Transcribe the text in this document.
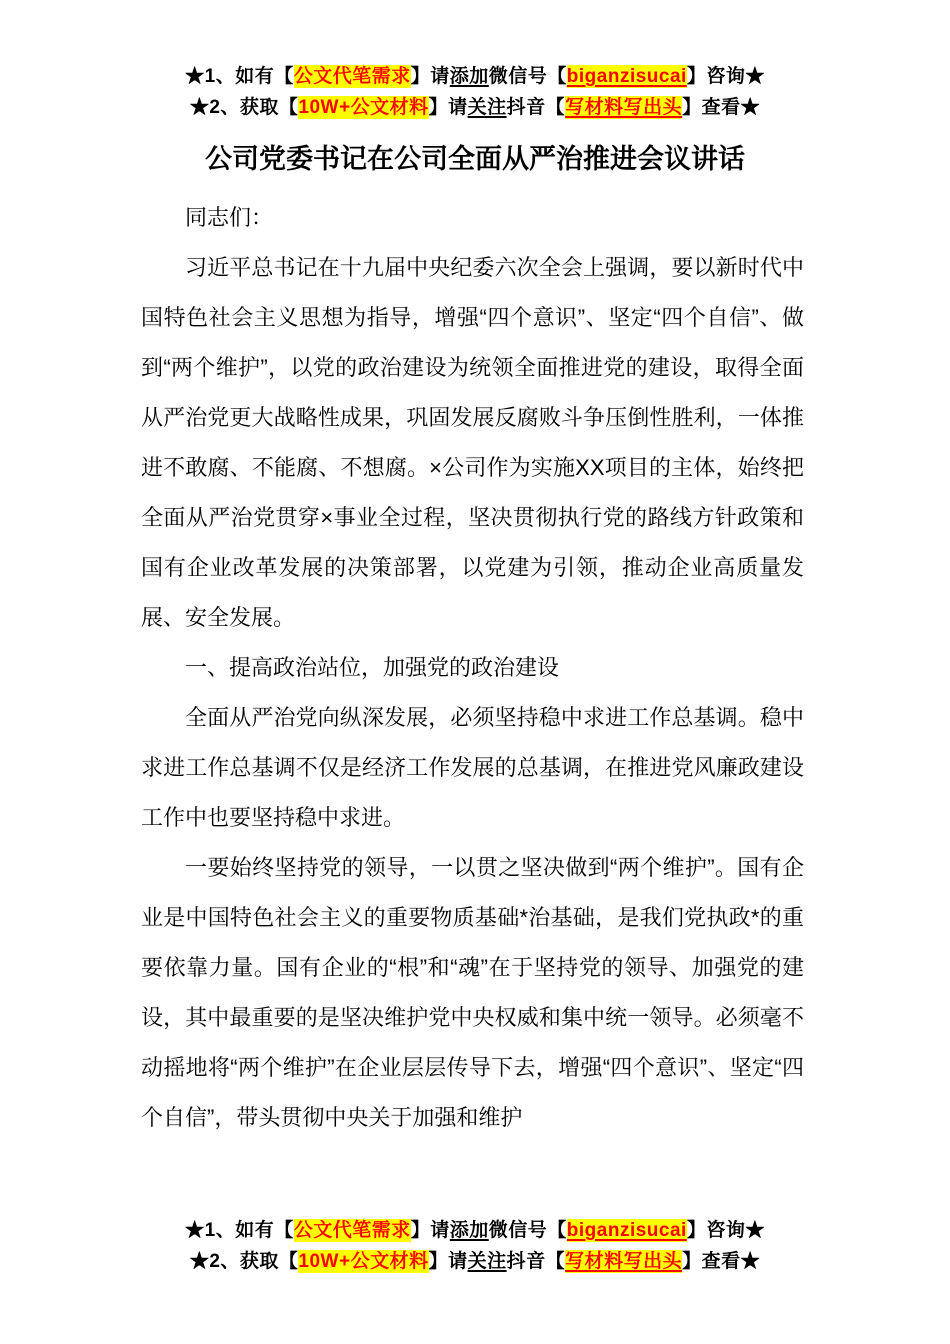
★1、如有【公文代笔需求】请添加微信号【biganzisucai】咨询★
★2、获取【10W+公文材料】请关注抖音【写材料写出头】查看★
公司党委书记在公司全面从严治推进会议讲话

同志们：

习近平总书记在十九届中央纪委六次全会上强调，要以新时代中国特色社会主义思想为指导，增强“四个意识”、坚定“四个自信”、做到“两个维护”，以党的政治建设为统领全面推进党的建设，取得全面从严治党更大战略性成果，巩固发展反腐败斗争压倒性胜利，一体推进不敢腐、不能腐、不想腐。×公司作为实施XX项目的主体，始终把全面从严治党贯穿×事业全过程，坚决贯彻执行党的路线方针政策和国有企业改革发展的决策部署，以党建为引领，推动企业高质量发展、安全发展。

一、提高政治站位，加强党的政治建设

全面从严治党向纵深发展，必须坚持稳中求进工作总基调。稳中求进工作总基调不仅是经济工作发展的总基调，在推进党风廉政建设工作中也要坚持稳中求进。

一要始终坚持党的领导，一以贯之坚决做到“两个维护”。国有企业是中国特色社会主义的重要物质基础*治基础，是我们党执政*的重要依靠力量。国有企业的“根”和“魂”在于坚持党的领导、加强党的建设，其中最重要的是坚决维护党中央权威和集中统一领导。必须毫不动摇地将“两个维护”在企业层层传导下去，增强“四个意识”、坚定“四个自信”，带头贯彻中央关于加强和维护

★1、如有【公文代笔需求】请添加微信号【biganzisucai】咨询★
★2、获取【10W+公文材料】请关注抖音【写材料写出头】查看★
